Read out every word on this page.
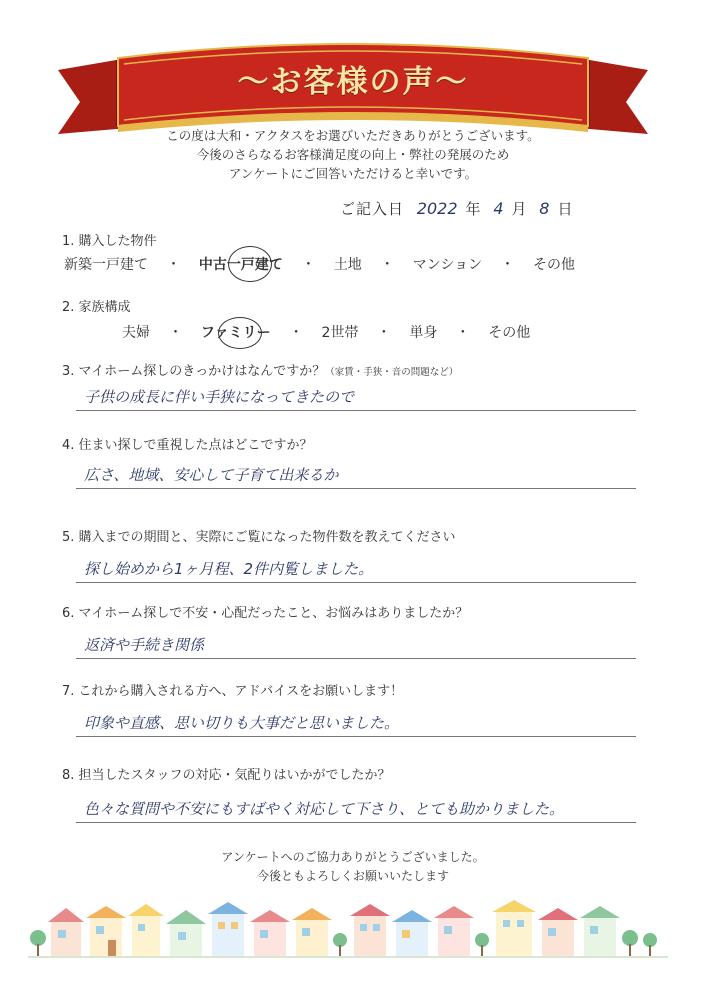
〜お客様の声〜

この度は大和・アクタスをお選びいただきありがとうございます。

今後のさらなるお客様満足度の向上・弊社の発展のため

アンケートにご回答いただけると幸いです。

ご記入日 2022 年 4 月 8 日
1. 購入した物件
新築一戸建て ・ 中古一戸建て ・ 土地 ・ マンション ・ その他
2. 家族構成
夫婦 ・ ファミリー ・ 2世帯 ・ 単身 ・ その他
3. マイホーム探しのきっかけはなんですか？（家賃・手狭・音の問題など）
子供の成長に伴い手狭になってきたので
4. 住まい探しで重視した点はどこですか？
広さ、地域、安心して子育て出来るか
5. 購入までの期間と、実際にご覧になった物件数を教えてください
探し始めから1ヶ月程、2件内覧しました。
6. マイホーム探しで不安・心配だったこと、お悩みはありましたか？
返済や手続き関係
7. これから購入される方へ、アドバイスをお願いします！
印象や直感、思い切りも大事だと思いました。
8. 担当したスタッフの対応・気配りはいかがでしたか？
色々な質問や不安にもすばやく対応して下さり、とても助かりました。

アンケートへのご協力ありがとうございました。

今後ともよろしくお願いいたします
